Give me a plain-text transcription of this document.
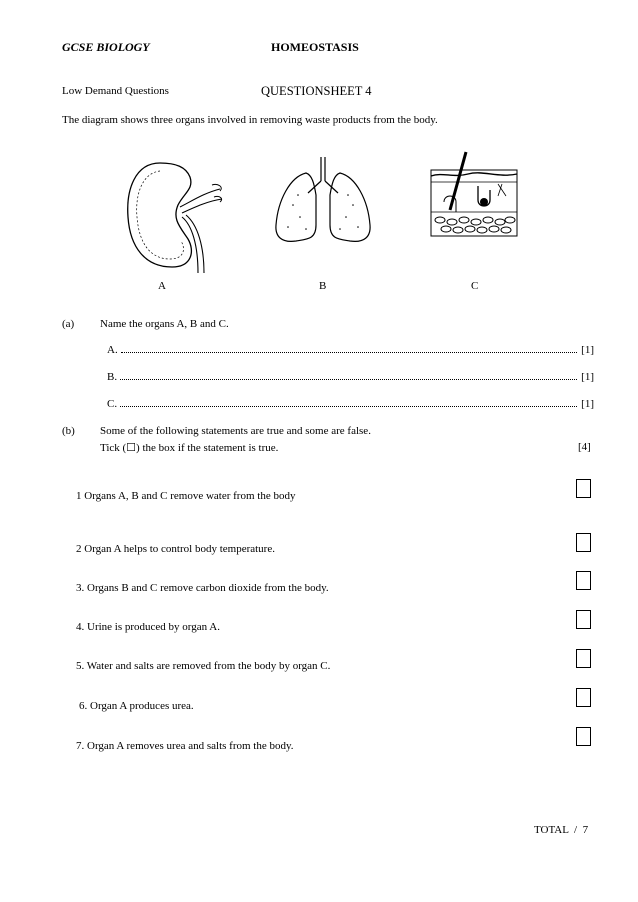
GCSE BIOLOGY	HOMEOSTASIS
Low Demand Questions	QUESTIONSHEET 4
The diagram shows three organs involved in removing waste products from the body.
A	B	C
(a) Name the organs A, B and C.
A.	[1]
B.	[1]
C.	[1]
(b) Some of the following statements are true and some are false.
Tick (☐) the box if the statement is true.	[4]
1 Organs A, B and C remove water from the body
2 Organ A helps to control body temperature.
3. Organs B and C remove carbon dioxide from the body.
4. Urine is produced by organ A.
5. Water and salts are removed from the body by organ C.
6. Organ A produces urea.
7. Organ A removes urea and salts from the body.
TOTAL  /  7
